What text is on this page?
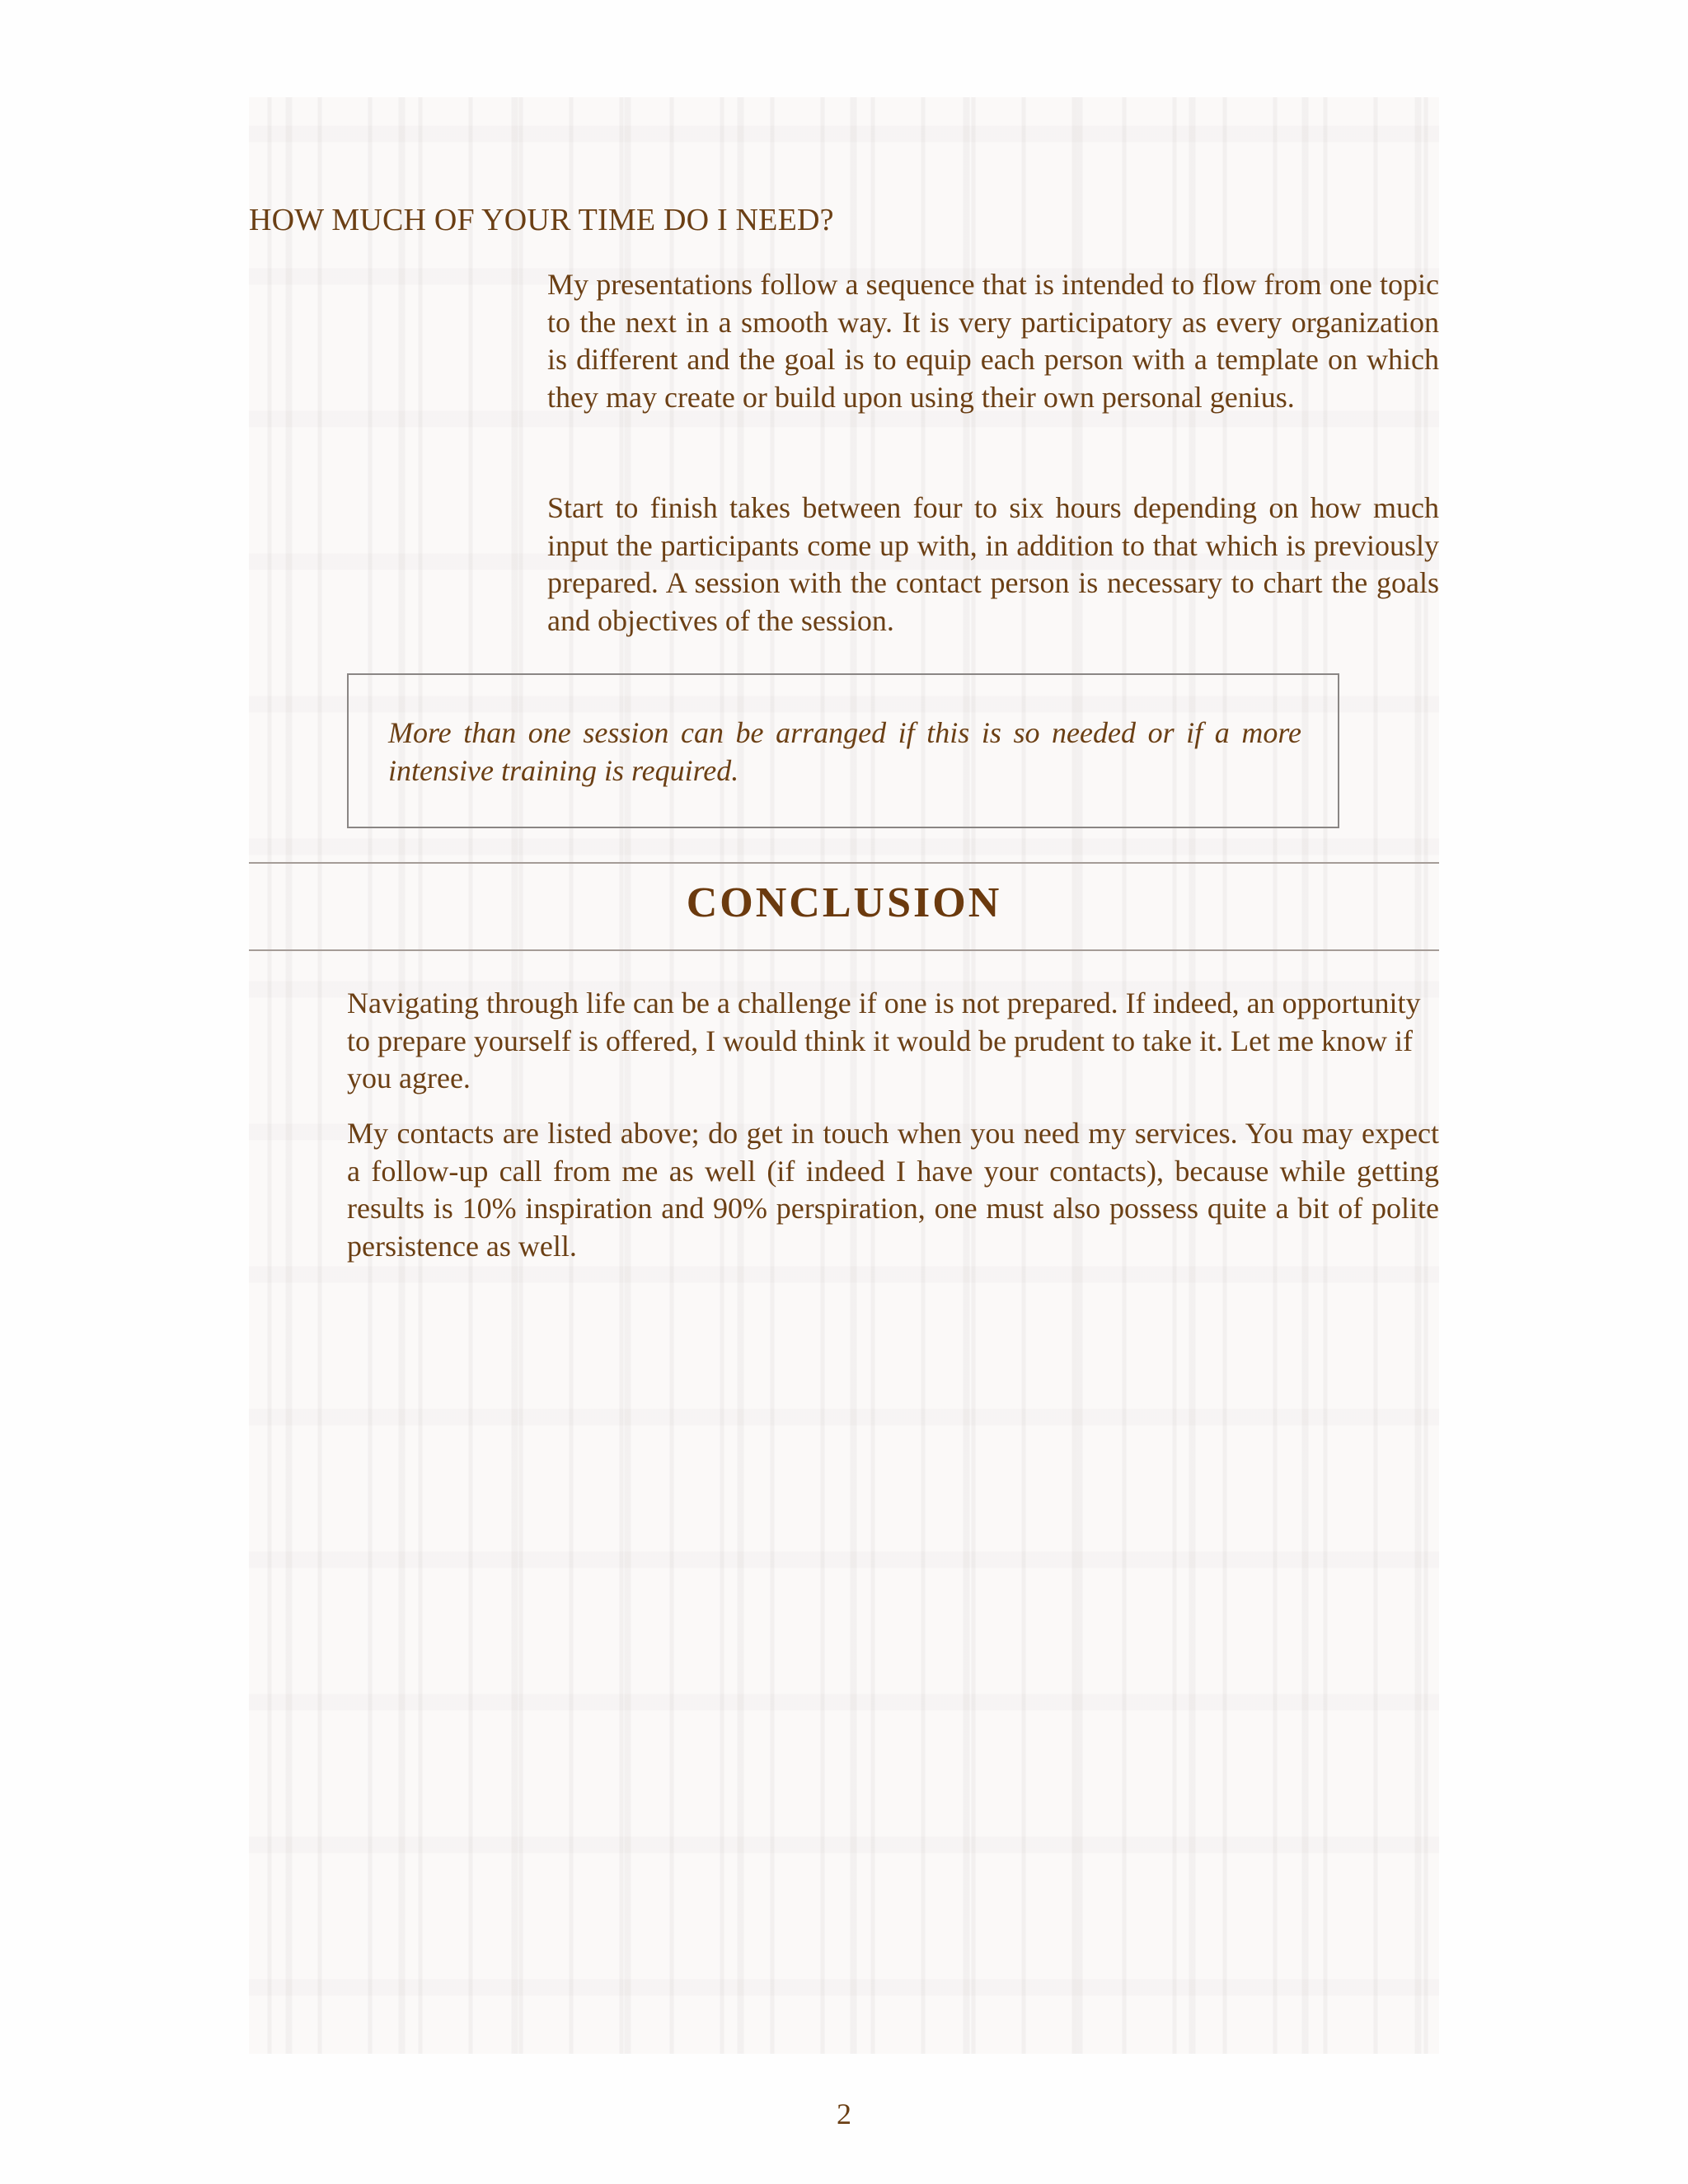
HOW MUCH OF YOUR TIME DO I NEED?

My presentations follow a sequence that is intended to flow from one topic to the next in a smooth way. It is very participatory as every organization is different and the goal is to equip each person with a template on which they may create or build upon using their own personal genius.

Start to finish takes between four to six hours depending on how much input the participants come up with, in addition to that which is previously prepared. A session with the contact person is necessary to chart the goals and objectives of the session.

More than one session can be arranged if this is so needed or if a more intensive training is required.

CONCLUSION

Navigating through life can be a challenge if one is not prepared. If indeed, an opportunity to prepare yourself is offered, I would think it would be prudent to take it. Let me know if you agree.

My contacts are listed above; do get in touch when you need my services. You may expect a follow-up call from me as well (if indeed I have your contacts), because while getting results is 10% inspiration and 90% perspiration, one must also possess quite a bit of polite persistence as well.

2
